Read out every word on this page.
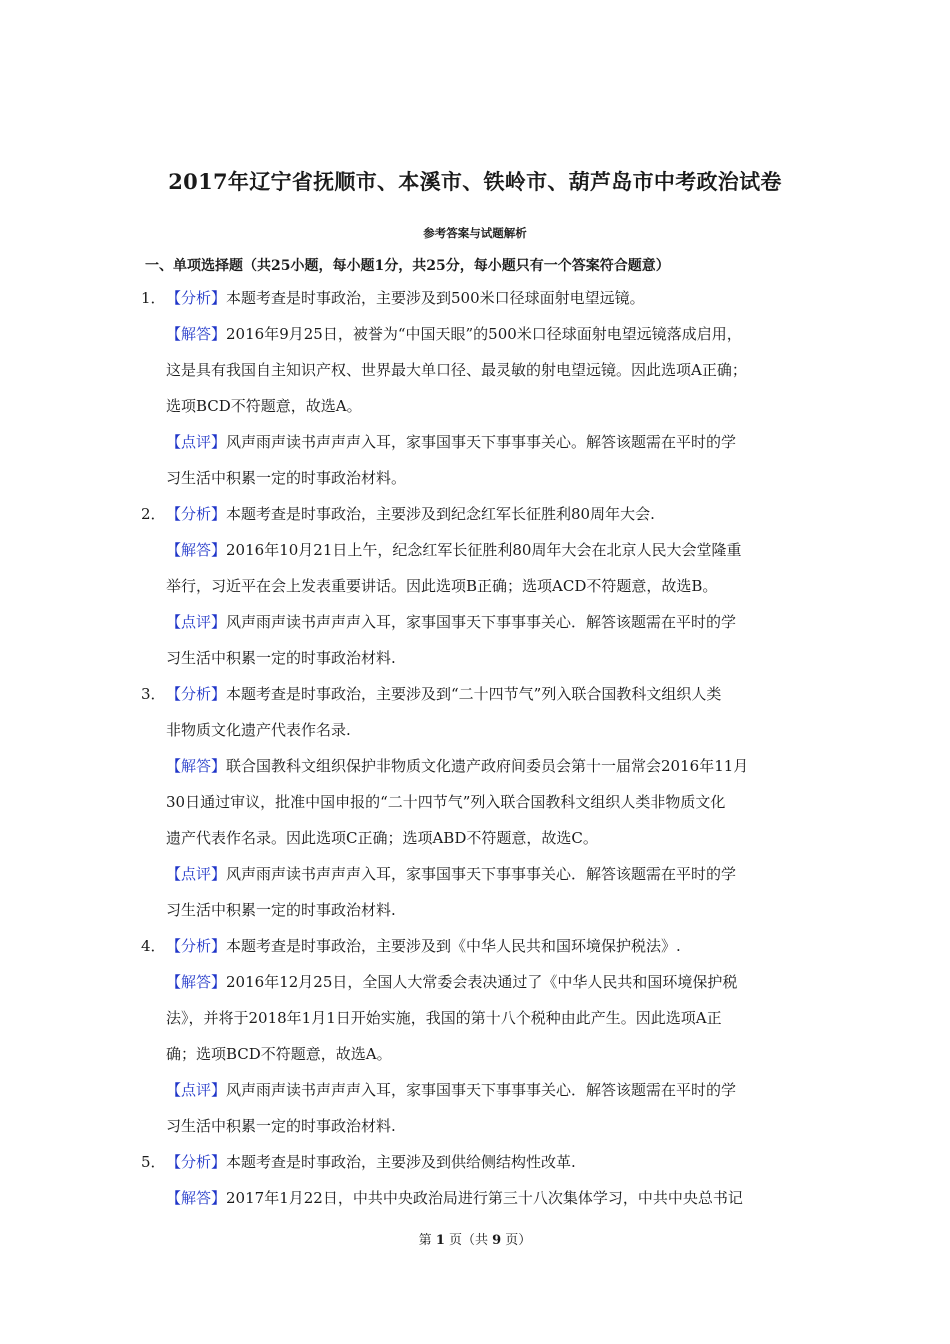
2017年辽宁省抚顺市、本溪市、铁岭市、葫芦岛市中考政治试卷
参考答案与试题解析
一、单项选择题（共25小题，每小题1分，共25分，每小题只有一个答案符合题意）
1． 【分析】本题考查是时事政治，主要涉及到500米口径球面射电望远镜。
【解答】2016年9月25日，被誉为“中国天眼”的500米口径球面射电望远镜落成启用，
这是具有我国自主知识产权、世界最大单口径、最灵敏的射电望远镜。因此选项A正确；
选项BCD不符题意，故选A。
【点评】风声雨声读书声声声入耳，家事国事天下事事事关心。解答该题需在平时的学
习生活中积累一定的时事政治材料。
2． 【分析】本题考查是时事政治，主要涉及到纪念红军长征胜利80周年大会.
【解答】2016年10月21日上午，纪念红军长征胜利80周年大会在北京人民大会堂隆重
举行，习近平在会上发表重要讲话。因此选项B正确；选项ACD不符题意，故选B。
【点评】风声雨声读书声声声入耳，家事国事天下事事事关心．解答该题需在平时的学
习生活中积累一定的时事政治材料.
3． 【分析】本题考查是时事政治，主要涉及到“二十四节气”列入联合国教科文组织人类
非物质文化遗产代表作名录.
【解答】联合国教科文组织保护非物质文化遗产政府间委员会第十一届常会2016年11月
30日通过审议，批准中国申报的“二十四节气”列入联合国教科文组织人类非物质文化
遗产代表作名录。因此选项C正确；选项ABD不符题意，故选C。
【点评】风声雨声读书声声声入耳，家事国事天下事事事关心．解答该题需在平时的学
习生活中积累一定的时事政治材料.
4． 【分析】本题考查是时事政治，主要涉及到《中华人民共和国环境保护税法》.
【解答】2016年12月25日，全国人大常委会表决通过了《中华人民共和国环境保护税
法》，并将于2018年1月1日开始实施，我国的第十八个税种由此产生。因此选项A正
确；选项BCD不符题意，故选A。
【点评】风声雨声读书声声声入耳，家事国事天下事事事关心．解答该题需在平时的学
习生活中积累一定的时事政治材料.
5． 【分析】本题考查是时事政治，主要涉及到供给侧结构性改革.
【解答】2017年1月22日，中共中央政治局进行第三十八次集体学习，中共中央总书记
第 1 页（共 9 页）
